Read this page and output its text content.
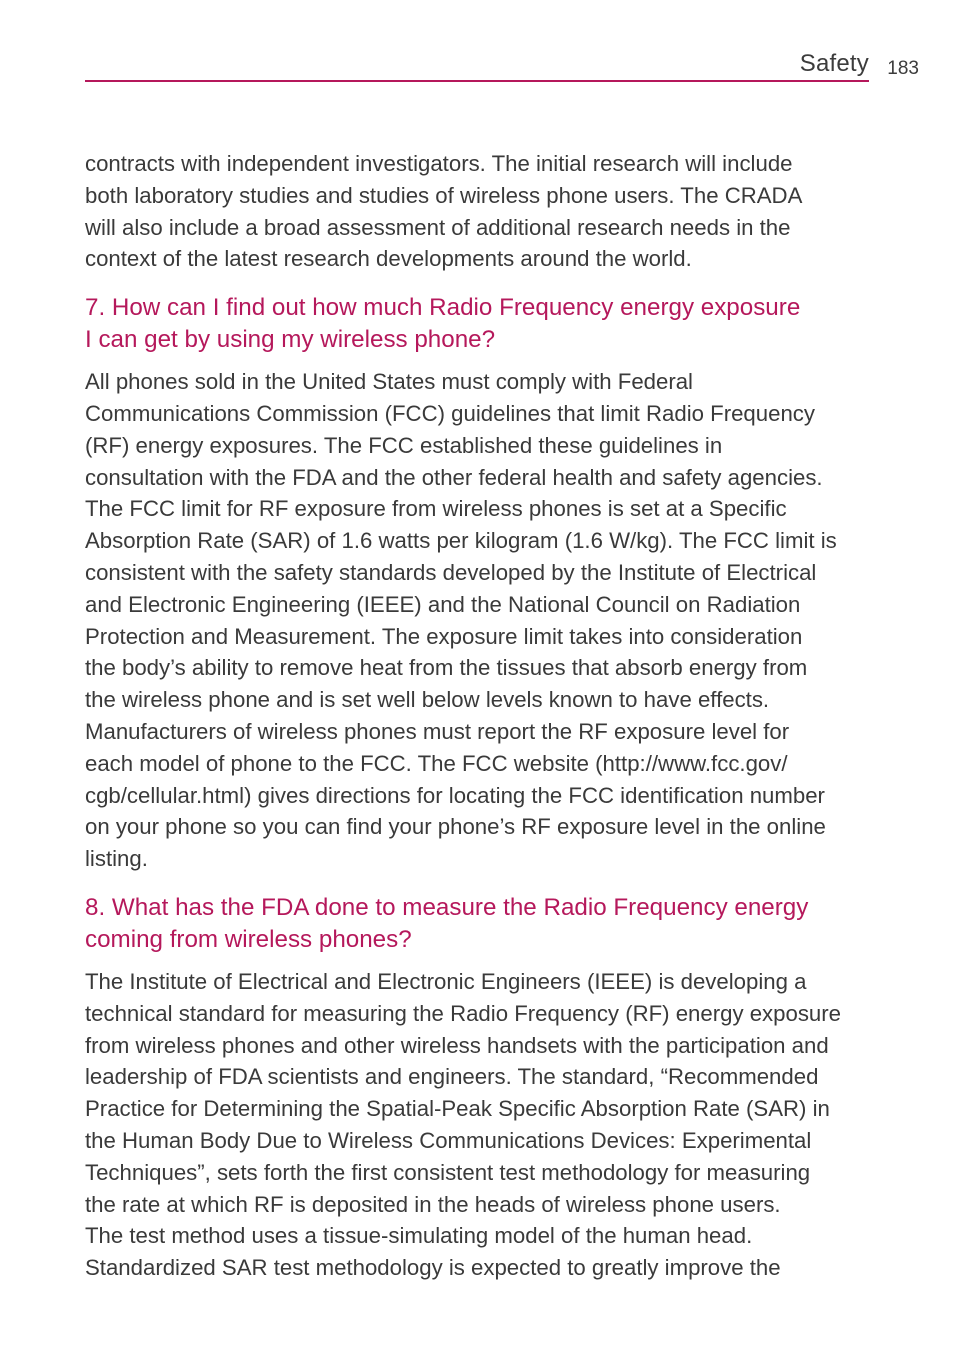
Safety 183

contracts with independent investigators. The initial research will include
both laboratory studies and studies of wireless phone users. The CRADA
will also include a broad assessment of additional research needs in the
context of the latest research developments around the world.

7. How can I find out how much Radio Frequency energy exposure
I can get by using my wireless phone?

All phones sold in the United States must comply with Federal
Communications Commission (FCC) guidelines that limit Radio Frequency
(RF) energy exposures. The FCC established these guidelines in
consultation with the FDA and the other federal health and safety agencies.
The FCC limit for RF exposure from wireless phones is set at a Specific
Absorption Rate (SAR) of 1.6 watts per kilogram (1.6 W/kg). The FCC limit is
consistent with the safety standards developed by the Institute of Electrical
and Electronic Engineering (IEEE) and the National Council on Radiation
Protection and Measurement. The exposure limit takes into consideration
the body’s ability to remove heat from the tissues that absorb energy from
the wireless phone and is set well below levels known to have effects.
Manufacturers of wireless phones must report the RF exposure level for
each model of phone to the FCC. The FCC website (http://www.fcc.gov/
cgb/cellular.html) gives directions for locating the FCC identification number
on your phone so you can find your phone’s RF exposure level in the online
listing.

8. What has the FDA done to measure the Radio Frequency energy
coming from wireless phones?

The Institute of Electrical and Electronic Engineers (IEEE) is developing a
technical standard for measuring the Radio Frequency (RF) energy exposure
from wireless phones and other wireless handsets with the participation and
leadership of FDA scientists and engineers. The standard, “Recommended
Practice for Determining the Spatial-Peak Specific Absorption Rate (SAR) in
the Human Body Due to Wireless Communications Devices: Experimental
Techniques”, sets forth the first consistent test methodology for measuring
the rate at which RF is deposited in the heads of wireless phone users.
The test method uses a tissue-simulating model of the human head.
Standardized SAR test methodology is expected to greatly improve the
